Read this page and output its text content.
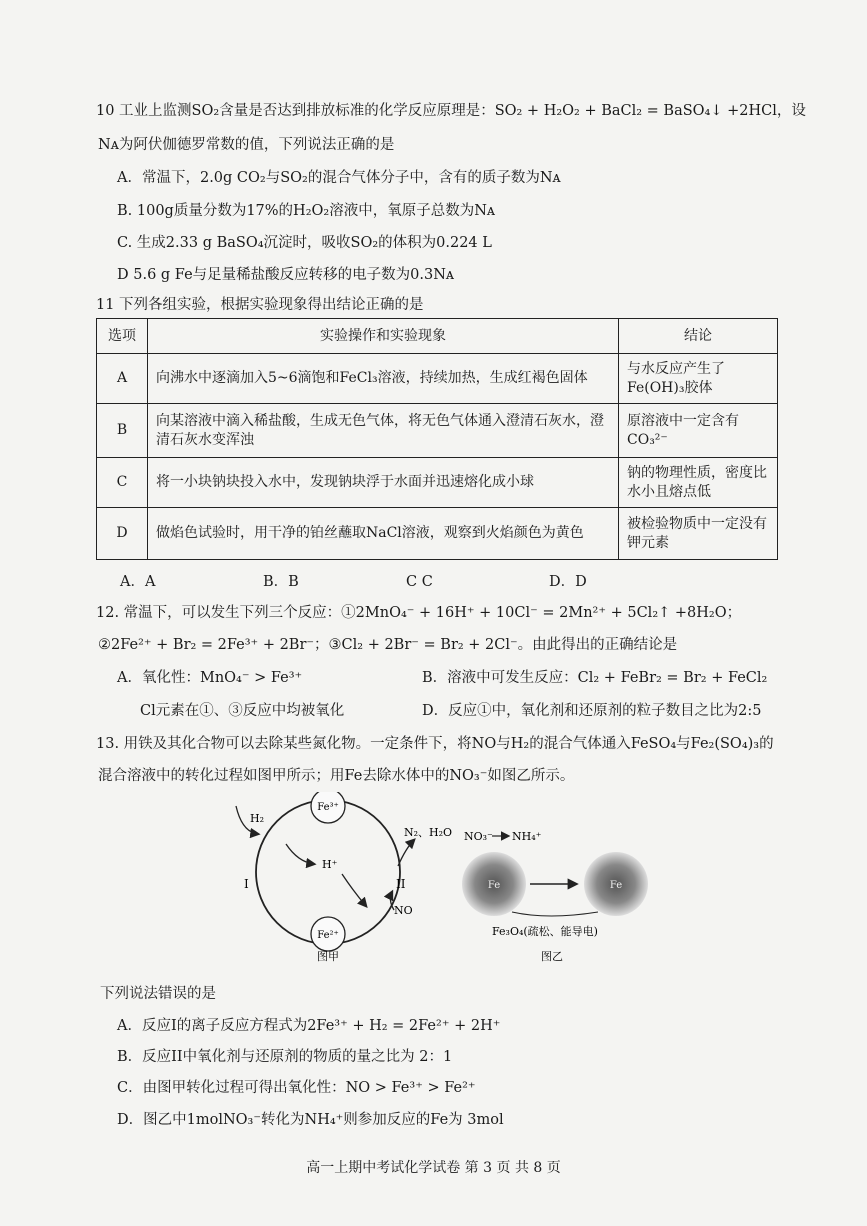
10 工业上监测SO₂含量是否达到排放标准的化学反应原理是：SO₂ + H₂O₂ + BaCl₂ = BaSO₄↓ +2HCl，设
Nᴀ为阿伏伽德罗常数的值，下列说法正确的是
A．常温下，2.0g CO₂与SO₂的混合气体分子中，含有的质子数为Nᴀ
B. 100g质量分数为17%的H₂O₂溶液中，氧原子总数为Nᴀ
C. 生成2.33 g BaSO₄沉淀时，吸收SO₂的体积为0.224 L
D 5.6 g Fe与足量稀盐酸反应转移的电子数为0.3Nᴀ
11 下列各组实验，根据实验现象得出结论正确的是
选项	实验操作和实验现象	结论
A	向沸水中逐滴加入5~6滴饱和FeCl₃溶液，持续加热，生成红褐色固体	与水反应产生了Fe(OH)₃胶体
B	向某溶液中滴入稀盐酸，生成无色气体，将无色气体通入澄清石灰水，澄清石灰水变浑浊	原溶液中一定含有CO₃²⁻
C	将一小块钠块投入水中，发现钠块浮于水面并迅速熔化成小球	钠的物理性质，密度比水小且熔点低
D	做焰色试验时，用干净的铂丝蘸取NaCl溶液，观察到火焰颜色为黄色	被检验物质中一定没有钾元素
A．A	B．B	C C	D．D
12. 常温下，可以发生下列三个反应：①2MnO₄⁻ + 16H⁺ + 10Cl⁻ = 2Mn²⁺ + 5Cl₂↑ +8H₂O；
②2Fe²⁺ + Br₂ = 2Fe³⁺ + 2Br⁻；③Cl₂ + 2Br⁻ = Br₂ + 2Cl⁻。由此得出的正确结论是
A．氧化性：MnO₄⁻ > Fe³⁺	B．溶液中可发生反应：Cl₂ + FeBr₂ = Br₂ + FeCl₂
Cl元素在①、③反应中均被氧化	D．反应①中，氧化剂和还原剂的粒子数目之比为2:5
13. 用铁及其化合物可以去除某些氮化物。一定条件下，将NO与H₂的混合气体通入FeSO₄与Fe₂(SO₄)₃的
混合溶液中的转化过程如图甲所示；用Fe去除水体中的NO₃⁻如图乙所示。
Fe³⁺
Fe²⁺
H₂
H⁺
I	II
N₂、H₂O
NO
图甲
NO₃⁻ NH₄⁺
Fe	Fe
Fe₃O₄(疏松、能导电)
图乙
下列说法错误的是
A．反应I的离子反应方程式为2Fe³⁺ + H₂ = 2Fe²⁺ + 2H⁺
B．反应II中氧化剂与还原剂的物质的量之比为 2：1
C．由图甲转化过程可得出氧化性：NO > Fe³⁺ > Fe²⁺
D．图乙中1molNO₃⁻转化为NH₄⁺则参加反应的Fe为 3mol
高一上期中考试化学试卷 第 3 页 共 8 页
